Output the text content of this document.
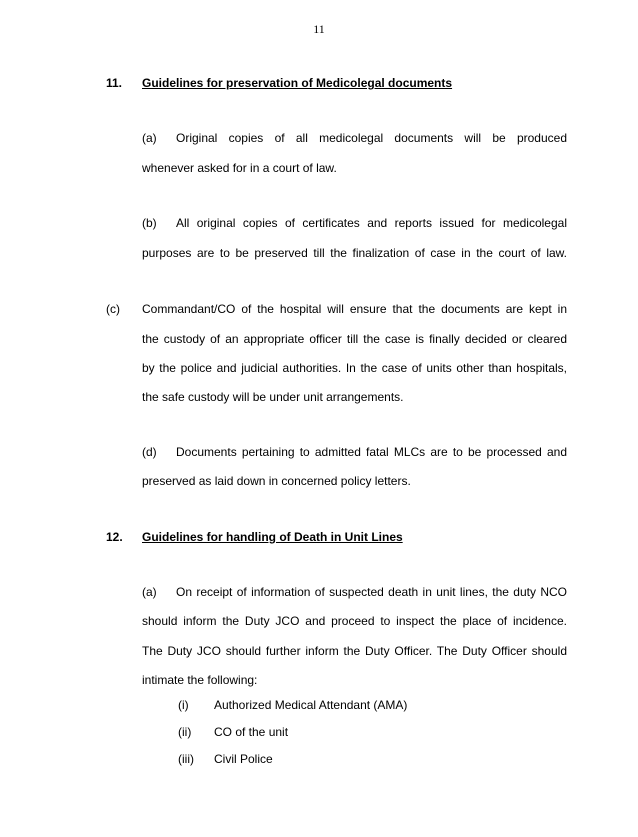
11
11. Guidelines for preservation of Medicolegal documents
(a) Original copies of all medicolegal documents will be produced
whenever asked for in a court of law.
(b) All original copies of certificates and reports issued for medicolegal
purposes are to be preserved till the finalization of case in the court of law.
(c) Commandant/CO of the hospital will ensure that the documents are kept in
the custody of an appropriate officer till the case is finally decided or cleared
by the police and judicial authorities. In the case of units other than hospitals,
the safe custody will be under unit arrangements.
(d) Documents pertaining to admitted fatal MLCs are to be processed and
preserved as laid down in concerned policy letters.
12. Guidelines for handling of Death in Unit Lines
(a) On receipt of information of suspected death in unit lines, the duty NCO
should inform the Duty JCO and proceed to inspect the place of incidence.
The Duty JCO should further inform the Duty Officer. The Duty Officer should
intimate the following:
(i) Authorized Medical Attendant (AMA)
(ii) CO of the unit
(iii) Civil Police
